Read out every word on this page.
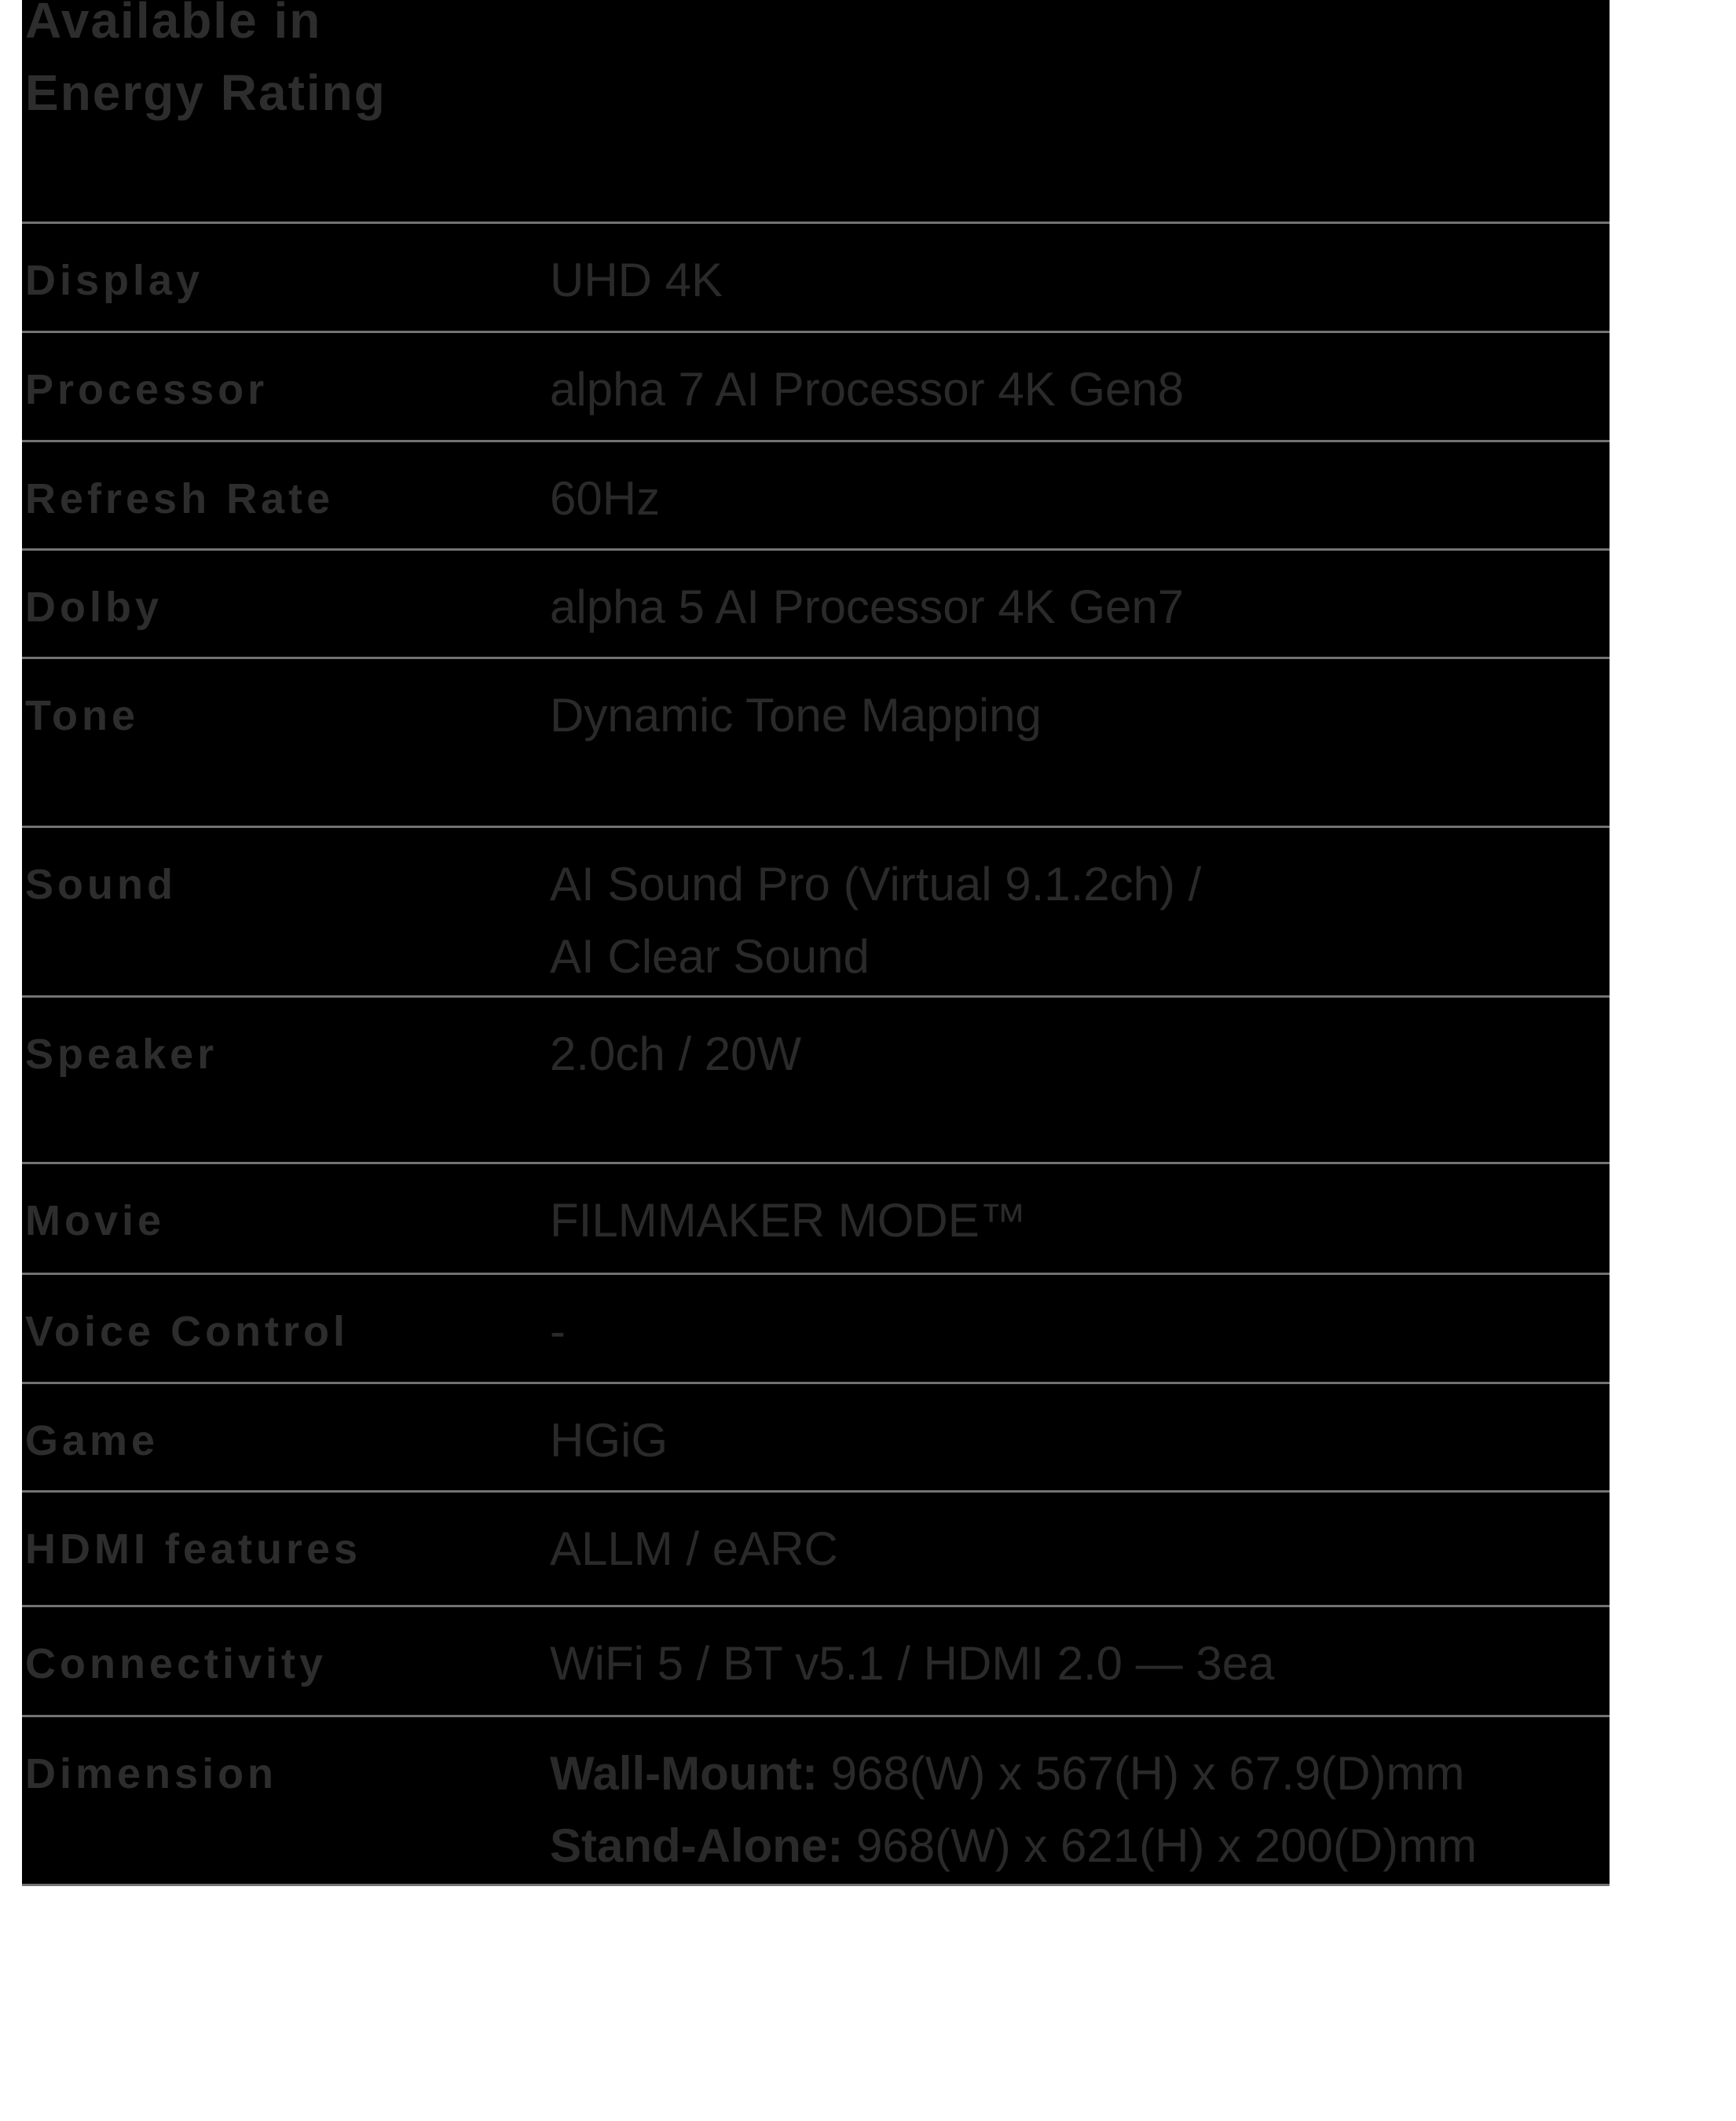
Available in
Energy Rating
Display	UHD 4K
Processor	alpha 7 AI Processor 4K Gen8
Refresh Rate	60Hz
Dolby	alpha 5 AI Processor 4K Gen7
Tone	Dynamic Tone Mapping
Sound	AI Sound Pro (Virtual 9.1.2ch) /
AI Clear Sound
Speaker	2.0ch / 20W
Movie	FILMMAKER MODE™
Voice Control	-
Game	HGiG
HDMI features	ALLM / eARC
Connectivity	WiFi 5 / BT v5.1 / HDMI 2.0 — 3ea
Dimension	Wall-Mount: 968(W) x 567(H) x 67.9(D)mm
Stand-Alone: 968(W) x 621(H) x 200(D)mm
